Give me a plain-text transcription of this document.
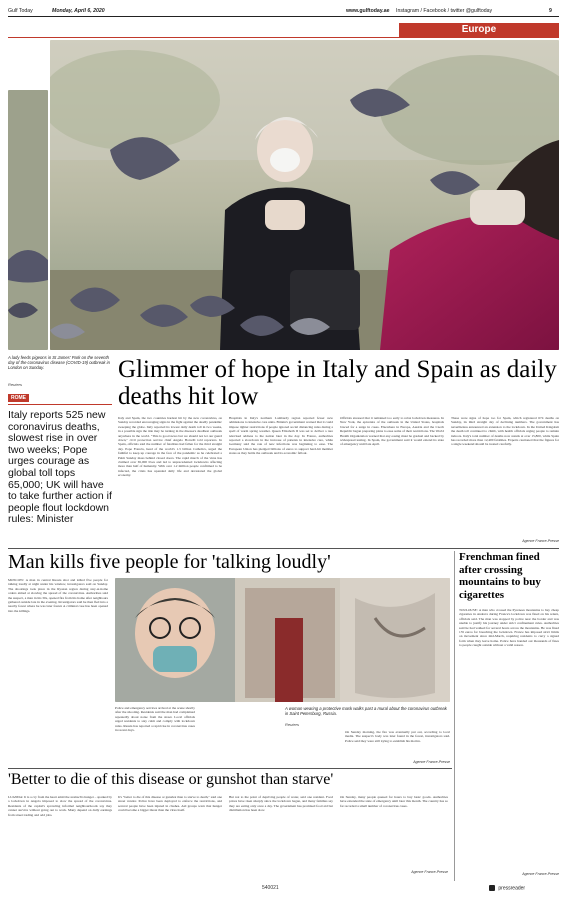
Gulf Today	Monday, April 6, 2020	www.gulftoday.ae Instagram / Facebook / twitter @gulftoday	9
Europe
A lady feeds pigeons in St James' Park on the seventh day of the coronavirus disease (COVID-19) outbreak in London on Sunday.
Reuters
ROME
Italy reports 525 new coronavirus deaths, slowest rise in over two weeks; Pope urges courage as global toll tops 65,000; UK will have to take further action if people flout lockdown rules: Minister
Glimmer of hope in Italy and Spain as daily deaths hit low
Italy and Spain, the two countries hardest hit by the new coronavirus, on Sunday recorded encouraging signs in the fight against the deadly pandemic sweeping the globe. Italy reported its lowest daily death toll in two weeks, in a possible sign the tide may be turning in the disease's deadliest outbreak anywhere in the world. "This is good news but we should not let our guard down," civil protection service chief Angelo Borrelli told reporters. In Spain, officials said the number of fatalities had fallen for the third straight day. Pope Francis, head of the world's 1.3 billion Catholics, urged the faithful to keep up courage in the face of the pandemic as he celebrated a Palm Sunday mass behind closed doors. The rapid march of the virus has claimed over 65,000 lives and led to unprecedented lockdowns affecting more than half of humanity. With over 1.2 million people confirmed to be infected, the crisis has upended daily life and devastated the global economy.
Hospitals in Italy's northern Lombardy region reported fewer new admissions to intensive care units. Britain's government warned that it could impose tighter restrictions if people ignored social distancing rules during a spell of warm spring weather. Queen Elizabeth II was set to deliver a rare televised address to the nation later in the day. In France, authorities reported a slowdown in the increase of patients in intensive care, while Germany said the rate of new infections was beginning to ease. The European Union has pledged billions of euros to support hard-hit member states as they battle the outbreak and its economic fallout.
Officials stressed that it remained too early to relax lockdown measures. In New York, the epicentre of the outbreak in the United States, hospitals braced for a surge in cases. Elsewhere in Europe, Austria and the Czech Republic began preparing plans to ease some of their restrictions. The World Health Organization warned that any easing must be gradual and backed by widespread testing. In Spain, the government said it would extend its state of emergency until late April.
These were signs of hope too for Spain, which registered 674 deaths on Sunday, its third straight day of declining numbers. The government has nevertheless announced an extension to the lockdown. In the United Kingdom the death toll continued to climb, with health officials urging people to remain indoors. Italy's total number of deaths now stands at over 15,800, while Spain has recorded more than 12,400 fatalities. Experts cautioned that the figures for a single weekend should be treated carefully.
Agence France-Presse
Man kills five people for 'talking loudly'
MOSCOW: A man in central Russia shot and killed five people for talking loudly at night under his window, investigators said on Sunday. The shootings took place in the Ryazan region during stay-at-home orders aimed at slowing the spread of the coronavirus. Authorities said the suspect, a man in his 30s, opened fire from his home after neighbours gathered outside late in the evening. Investigators said he then fled into a nearby forest where he was later found. A criminal case has been opened into the killings.
A woman wearing a protective mask walks past a mural about the coronavirus outbreak in Saint Petersburg, Russia.
Reuters
Police and emergency services arrived at the scene shortly after the shooting. Residents said the man had complained repeatedly about noise from the street. Local officials urged residents to stay calm and comply with lockdown rules. Russia has reported a rapid rise in coronavirus cases in recent days.	On Sunday morning, the fire was eventually put out, according to local media. The suspect's body was later found in the forest, investigators said. Police said they were still trying to establish his motive.
Agence France-Presse
Frenchman fined after crossing mountains to buy cigarettes
TOULOUSE: A man who crossed the Pyrenees mountains to buy cheap cigarettes in Andorra during France's lockdown was fined on his return, officials said. The man was stopped by police near the border and was unable to justify his journey under strict confinement rules. Authorities said he had walked for several hours across the mountains. He was fined 135 euros for breaching the lockdown. France has imposed strict limits on movement since mid-March, requiring residents to carry a signed form when they leave home. Police have handed out thousands of fines to people caught outside without a valid reason.
Agence France-Presse
'Better to die of this disease or gunshot than starve'
LUANDA: It is a cry from the heart amid the stomach's hunger – sparked by a lockdown in Angola imposed to slow the spread of the coronavirus. Residents of the capital's sprawling informal neighbourhoods say they cannot survive without going out to work. Many depend on daily earnings from street trading and odd jobs.
It's "better to die of this disease or gunshot than to starve to death," said one street vendor. Police have been deployed to enforce the restrictions, and several people have been injured in clashes. Aid groups warn that hunger could become a bigger threat than the virus itself.
But not to the point of depriving people of water, said one resident. Food prices have risen sharply since the lockdown began, and many families say they are eating only once a day. The government has promised food aid but distribution has been slow.
On Sunday, many people queued for hours to buy basic goods. Authorities have extended the state of emergency until later this month. The country has so far recorded a small number of coronavirus cases.
Agence France-Presse
540021	pressreader
